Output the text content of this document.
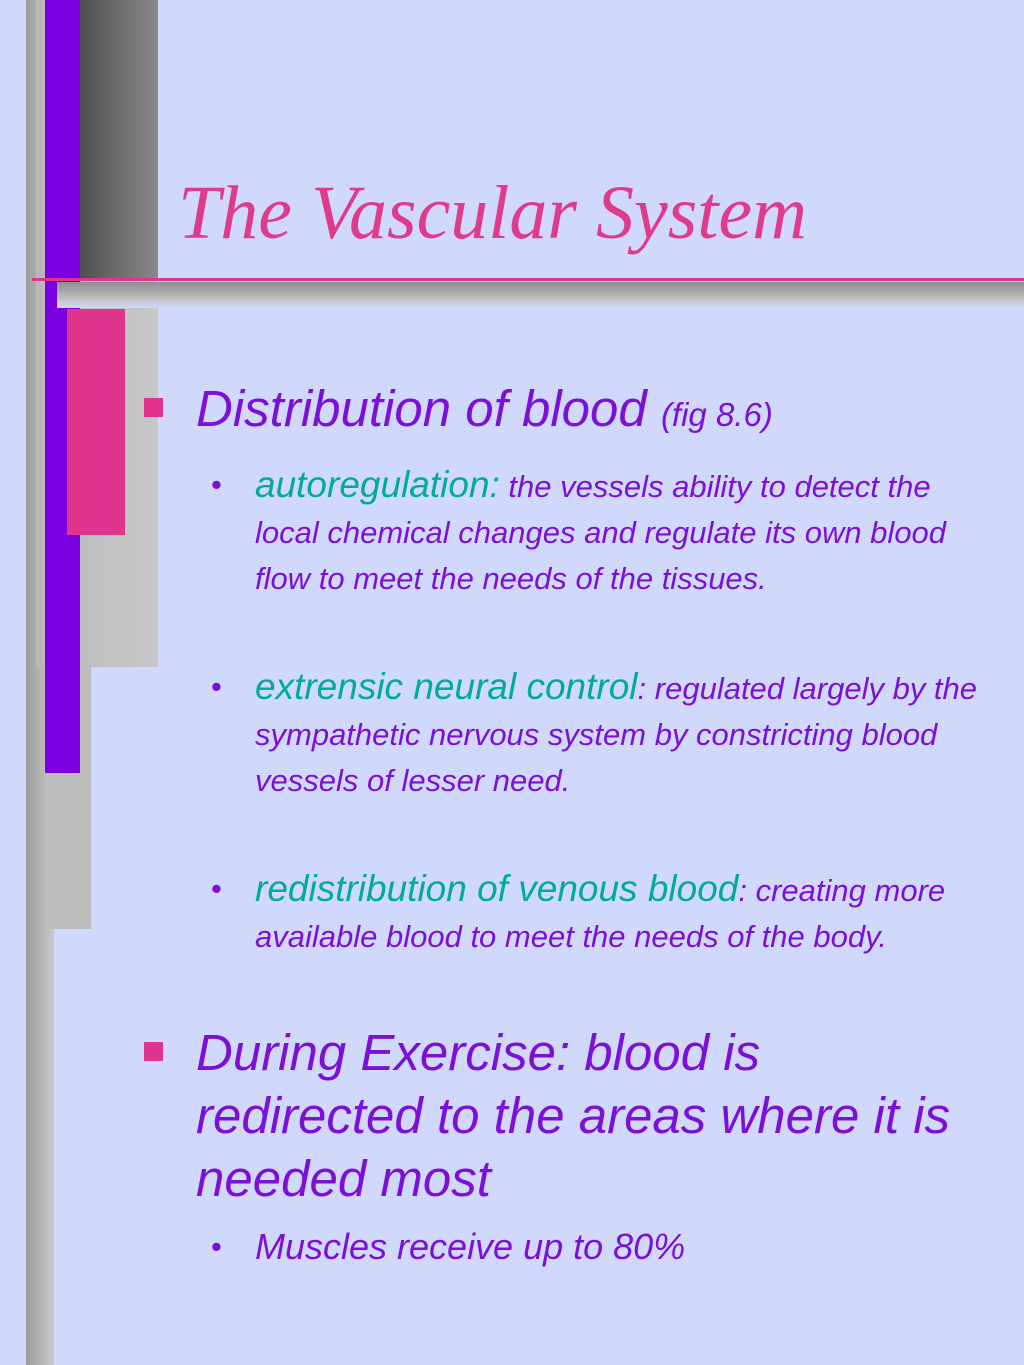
The Vascular System
Distribution of blood (fig 8.6)
• autoregulation: the vessels ability to detect the local chemical changes and regulate its own blood flow to meet the needs of the tissues.
• extrensic neural control: regulated largely by the sympathetic nervous system by constricting blood vessels of lesser need.
• redistribution of venous blood: creating more available blood to meet the needs of the body.
During Exercise: blood is redirected to the areas where it is needed most
• Muscles receive up to 80%
